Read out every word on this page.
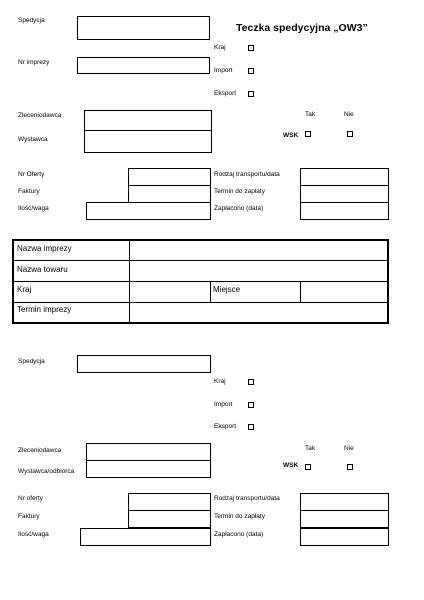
Spedycja
Teczka spedycyjna „OW3”
Kraj
Nr imprezy
Import
Eksport
Tak	Nie
Zleceniodawca
Wystawca
WSK
Nr Oferty
Faktury
Ilość/waga
Rodzaj transportu/data
Termin do zapłaty
Zapłacono (data)
Nazwa imprezy
Nazwa towaru
Kraj	Miejsce
Termin imprezy
Spedycja
Kraj
Import
Eksport
Tak	Nie
Zleceniodawca
Wystawca/odbiorca
WSK
Nr oferty
Faktury
Ilość/waga
Rodzaj transportu/data
Termin do zapłaty
Zapłacono (data)
